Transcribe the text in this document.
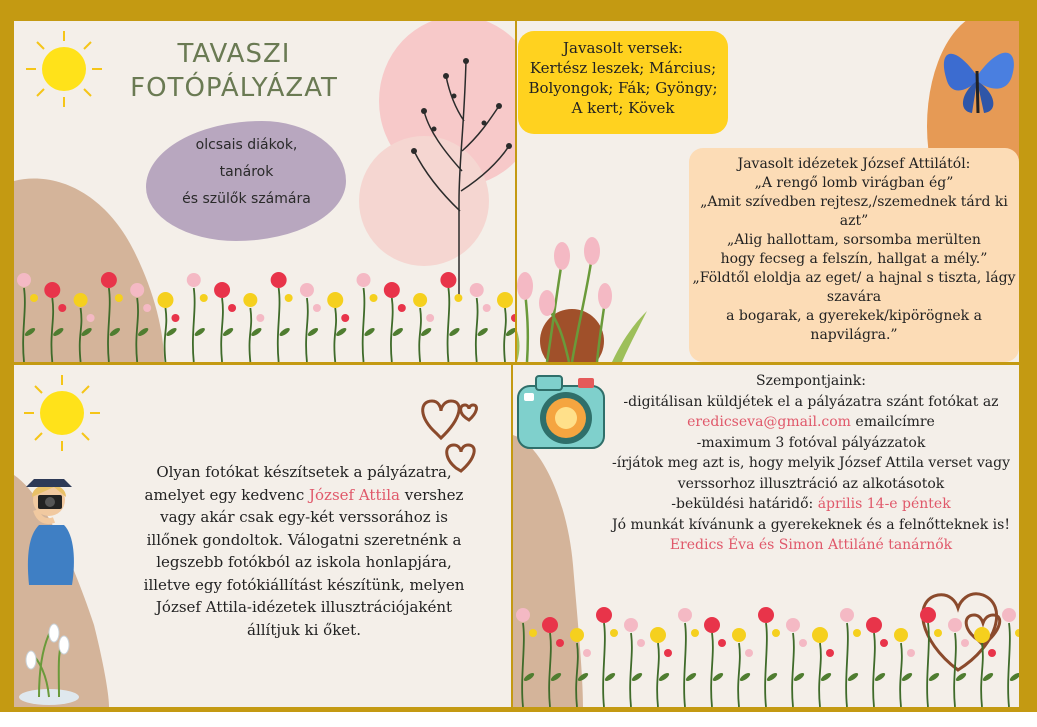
TAVASZI
FOTÓPÁLYÁZAT
olcsais diákok,
tanárok
és szülők számára
Javasolt versek:
Kertész leszek; Március;
Bolyongok; Fák; Gyöngy;
A kert; Kövek
Javasolt idézetek József Attilától:
„A rengő lomb virágban ég”
„Amit szívedben rejtesz,/szemednek tárd ki azt”
„Alig hallottam, sorsomba merülten
hogy fecseg a felszín, hallgat a mély.”
„Földtől eloldja az eget/ a hajnal s tiszta, lágy
szavára
a bogarak, a gyerekek/kipörögnek a napvilágra.”
Olyan fotókat készítsetek a pályázatra, amelyet egy kedvenc József Attila vershez vagy akár csak egy-két verssorához is illőnek gondoltok. Válogatni szeretnénk a legszebb fotókból az iskola honlapjára, illetve egy fotókiállítást készítünk, melyen József Attila-idézetek illusztrációjaként állítjuk ki őket.
Szempontjaink:
-digitálisan küldjétek el a pályázatra szánt fotókat az
eredicseva@gmail.com emailcímre
-maximum 3 fotóval pályázzatok
-írjátok meg azt is, hogy melyik József Attila verset vagy
verssorhoz illusztráció az alkotásotok
-beküldési határidő: április 14-e péntek
Jó munkát kívánunk a gyerekeknek és a felnőtteknek is!
Eredics Éva és Simon Attiláné tanárnők
